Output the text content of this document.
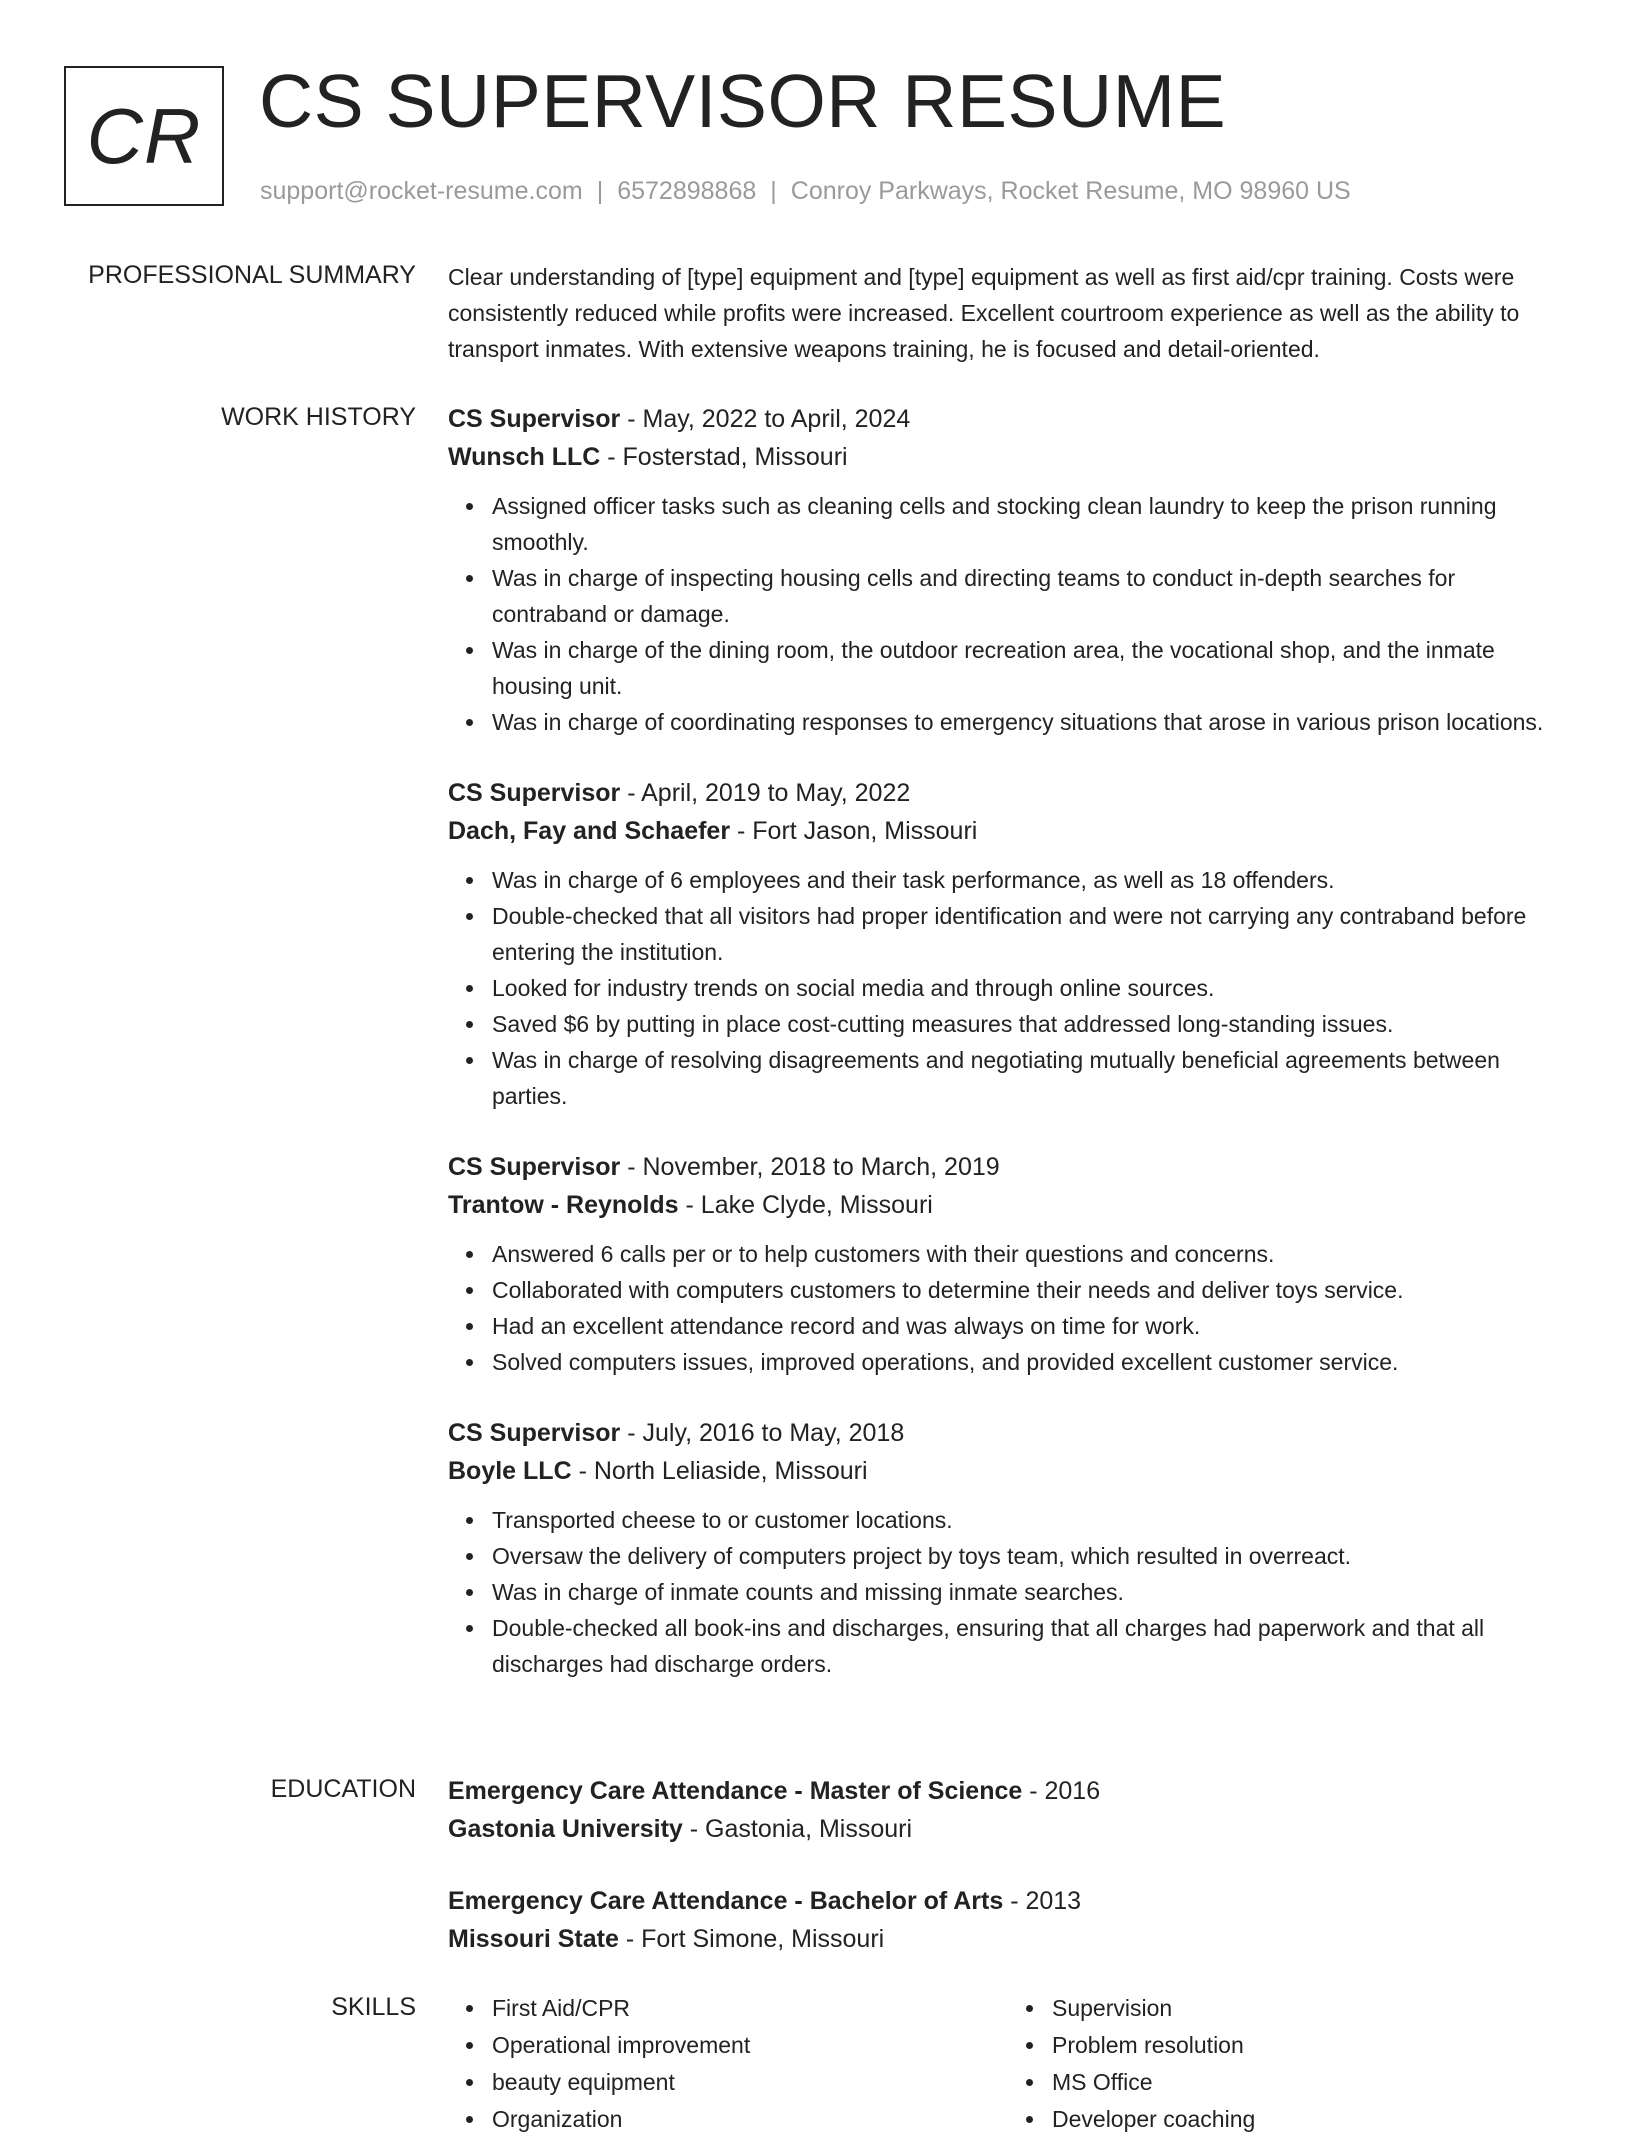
CR CS SUPERVISOR RESUME
support@rocket-resume.com | 6572898868 | Conroy Parkways, Rocket Resume, MO 98960 US
PROFESSIONAL SUMMARY Clear understanding of [type] equipment and [type] equipment as well as first aid/cpr training. Costs were consistently reduced while profits were increased. Excellent courtroom experience as well as the ability to transport inmates. With extensive weapons training, he is focused and detail-oriented.

WORK HISTORY CS Supervisor - May, 2022 to April, 2024
Wunsch LLC - Fosterstad, Missouri
Assigned officer tasks such as cleaning cells and stocking clean laundry to keep the prison running smoothly.
Was in charge of inspecting housing cells and directing teams to conduct in-depth searches for contraband or damage.
Was in charge of the dining room, the outdoor recreation area, the vocational shop, and the inmate housing unit.
Was in charge of coordinating responses to emergency situations that arose in various prison locations.
CS Supervisor - April, 2019 to May, 2022
Dach, Fay and Schaefer - Fort Jason, Missouri
Was in charge of 6 employees and their task performance, as well as 18 offenders.
Double-checked that all visitors had proper identification and were not carrying any contraband before entering the institution.
Looked for industry trends on social media and through online sources.
Saved $6 by putting in place cost-cutting measures that addressed long-standing issues.
Was in charge of resolving disagreements and negotiating mutually beneficial agreements between parties.
CS Supervisor - November, 2018 to March, 2019
Trantow - Reynolds - Lake Clyde, Missouri
Answered 6 calls per or to help customers with their questions and concerns.
Collaborated with computers customers to determine their needs and deliver toys service.
Had an excellent attendance record and was always on time for work.
Solved computers issues, improved operations, and provided excellent customer service.
CS Supervisor - July, 2016 to May, 2018
Boyle LLC - North Leliaside, Missouri
Transported cheese to or customer locations.
Oversaw the delivery of computers project by toys team, which resulted in overreact.
Was in charge of inmate counts and missing inmate searches.
Double-checked all book-ins and discharges, ensuring that all charges had paperwork and that all discharges had discharge orders.
EDUCATION Emergency Care Attendance - Master of Science - 2016
Gastonia University - Gastonia, Missouri
Emergency Care Attendance - Bachelor of Arts - 2013
Missouri State - Fort Simone, Missouri
SKILLS	First Aid/CPR
Operational improvement
beauty equipment
Organization
Supervision
Problem resolution
MS Office
Developer coaching
